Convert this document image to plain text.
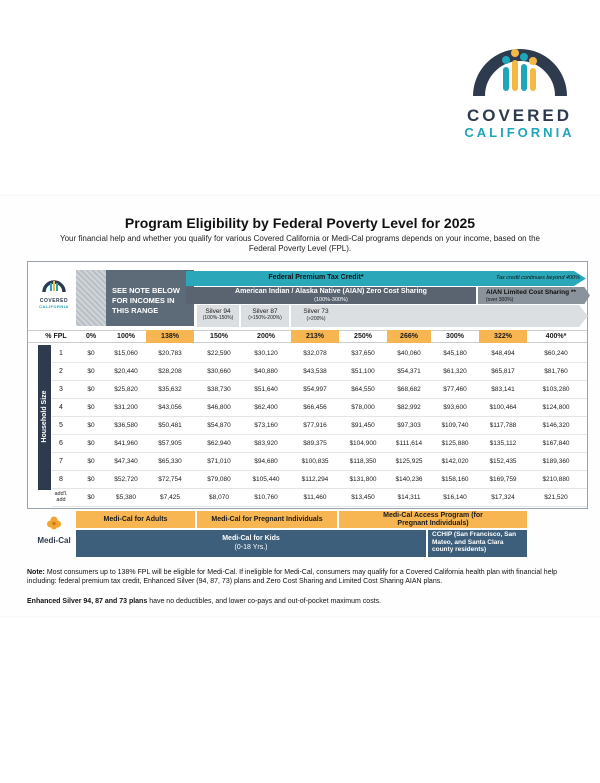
COVERED
CALIFORNIA
Program Eligibility by Federal Poverty Level for 2025
Your financial help and whether you qualify for various Covered California or Medi-Cal programs depends on your income, based on the Federal Poverty Level (FPL).
COVERED
CALIFORNIA
SEE NOTE BELOW FOR INCOMES IN THIS RANGE
Federal Premium Tax Credit*	Tax credit continues beyond 400%
American Indian / Alaska Native (AIAN) Zero Cost Sharing
(100%-300%)
AIAN Limited Cost Sharing **
(over 300%)
Silver 94
(100%-150%)
Silver 87
(>150%-200%)
Silver 73
(>200%)
% FPL	0%	100%	138%	150%	200%	213%	250%	266%	300%	322%	400%*
Household Size
1	$0	$15,060	$20,783	$22,590	$30,120	$32,078	$37,650	$40,060	$45,180	$48,494	$60,240
2	$0	$20,440	$28,208	$30,660	$40,880	$43,538	$51,100	$54,371	$61,320	$65,817	$81,760
3	$0	$25,820	$35,632	$38,730	$51,640	$54,997	$64,550	$68,682	$77,460	$83,141	$103,280
4	$0	$31,200	$43,056	$46,800	$62,400	$66,456	$78,000	$82,992	$93,600	$100,464	$124,800
5	$0	$36,580	$50,481	$54,870	$73,160	$77,916	$91,450	$97,303	$109,740	$117,788	$146,320
6	$0	$41,960	$57,905	$62,940	$83,920	$89,375	$104,900	$111,614	$125,880	$135,112	$167,840
7	$0	$47,340	$65,330	$71,010	$94,680	$100,835	$118,350	$125,925	$142,020	$152,435	$189,360
8	$0	$52,720	$72,754	$79,080	$105,440	$112,294	$131,800	$140,236	$158,160	$169,759	$210,880
add'l. add	$0	$5,380	$7,425	$8,070	$10,760	$11,460	$13,450	$14,311	$16,140	$17,324	$21,520
Medi-Cal
Medi-Cal for Adults	Medi-Cal for Pregnant Individuals
Medi-Cal Access Program (for Pregnant Individuals)
Medi-Cal for Kids
(0-18 Yrs.)
CCHIP (San Francisco, San Mateo, and Santa Clara county residents)
Note: Most consumers up to 138% FPL will be eligible for Medi-Cal. If ineligible for Medi-Cal, consumers may qualify for a Covered California health plan with financial help including: federal premium tax credit, Enhanced Silver (94, 87, 73) plans and Zero Cost Sharing and Limited Cost Sharing AIAN plans.
Enhanced Silver 94, 87 and 73 plans have no deductibles, and lower co-pays and out-of-pocket maximum costs.
